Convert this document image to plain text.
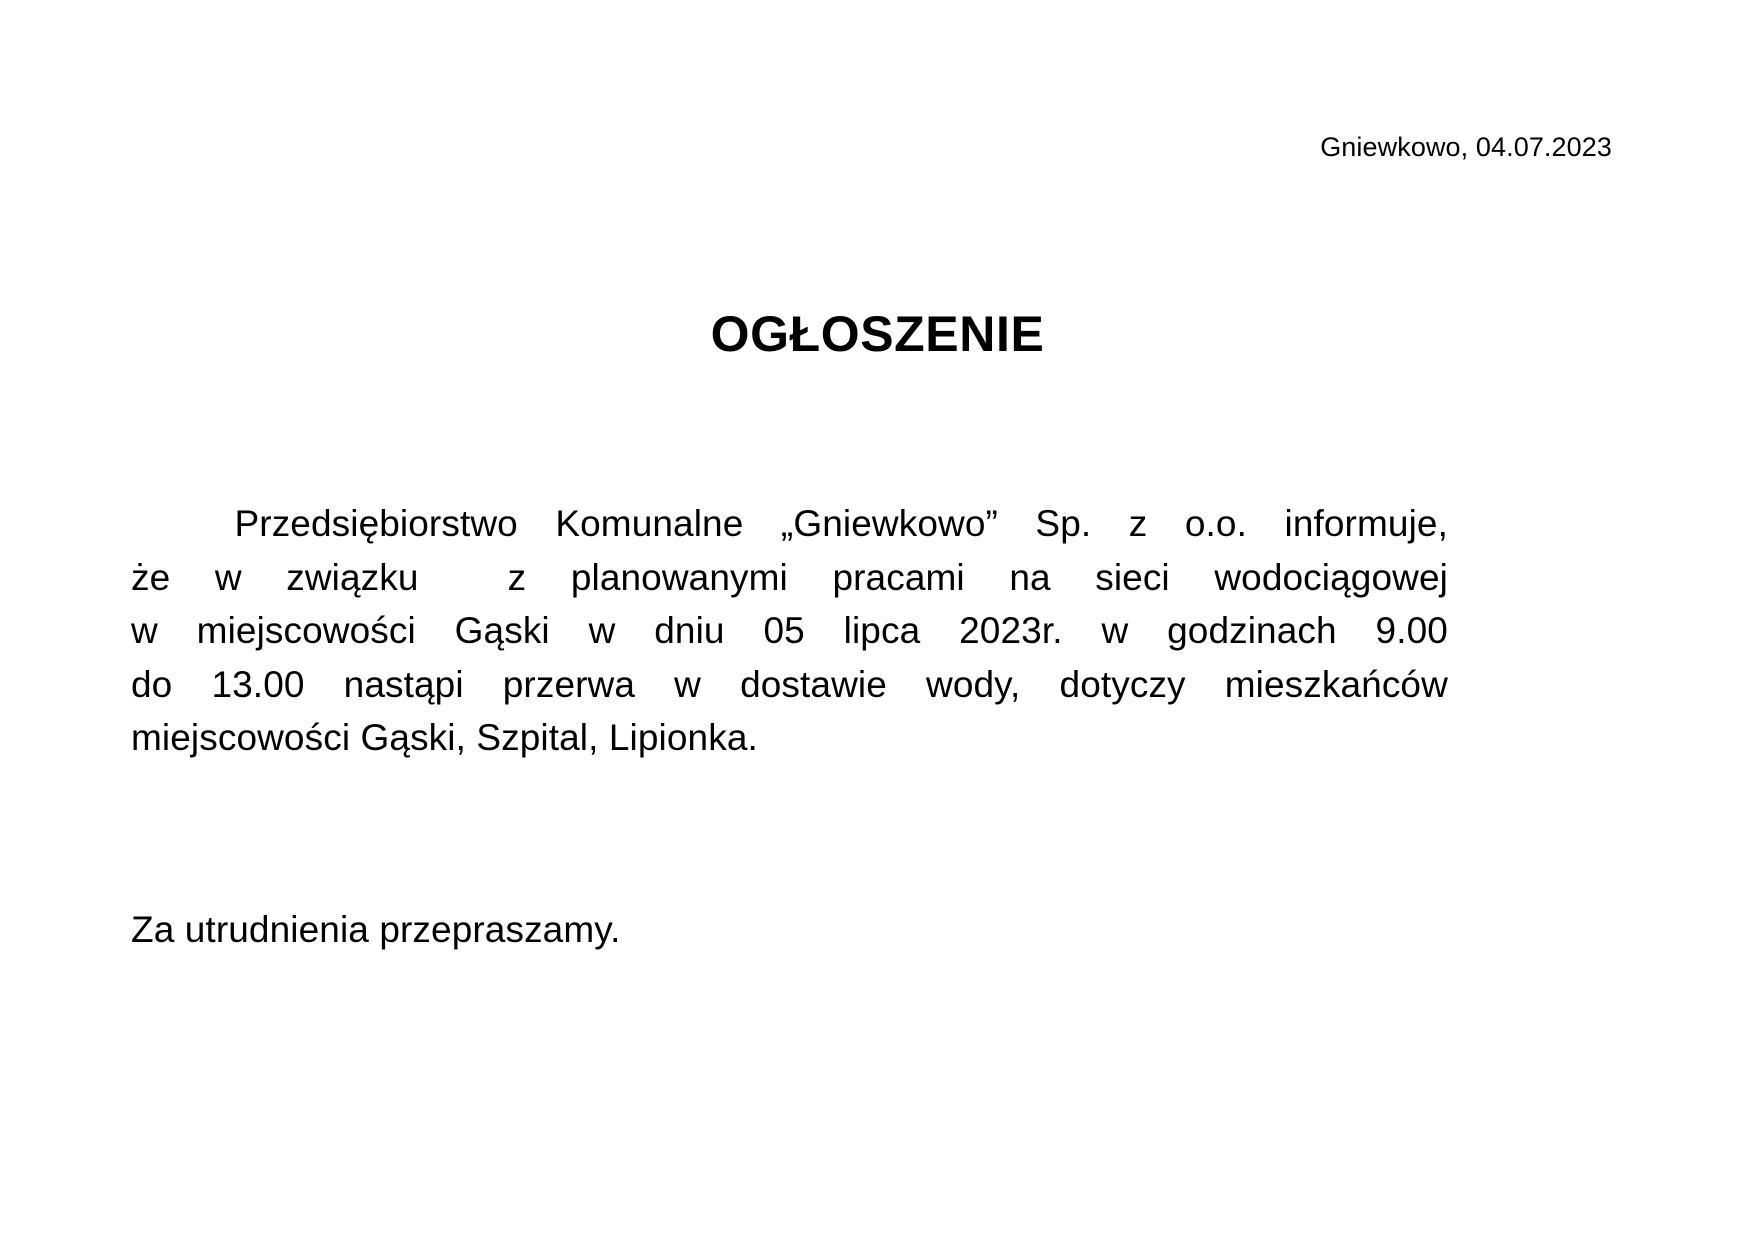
Gniewkowo, 04.07.2023
OGŁOSZENIE
Przedsiębiorstwo Komunalne „Gniewkowo” Sp. z o.o. informuje,
że w związku z planowanymi pracami na sieci wodociągowej
w miejscowości Gąski w dniu 05 lipca 2023r. w godzinach 9.00
do 13.00 nastąpi przerwa w dostawie wody, dotyczy mieszkańców
miejscowości Gąski, Szpital, Lipionka.
Za utrudnienia przepraszamy.
